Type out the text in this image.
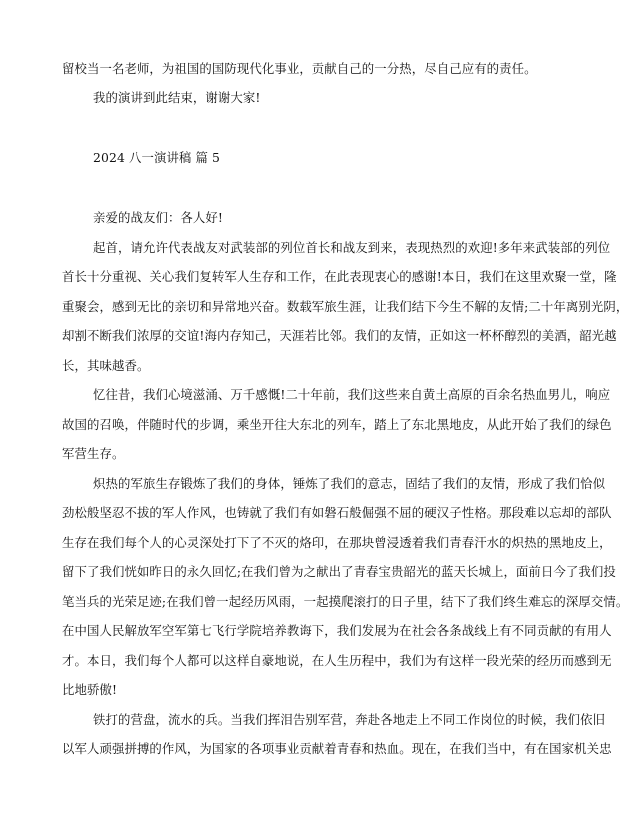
留校当一名老师，为祖国的国防现代化事业，贡献自己的一分热，尽自己应有的责任。
我的演讲到此结束，谢谢大家!
2024 八一演讲稿 篇 5
亲爱的战友们：各人好!
起首，请允许代表战友对武装部的列位首长和战友到来，表现热烈的欢迎!多年来武装部的列位
首长十分重视、关心我们复转军人生存和工作，在此表现衷心的感谢!本日，我们在这里欢聚一堂，隆
重聚会，感到无比的亲切和异常地兴奋。数载军旅生涯，让我们结下今生不解的友情;二十年离别光阴，
却割不断我们浓厚的交谊!海内存知己，天涯若比邻。我们的友情，正如这一杯杯醇烈的美酒，韶光越
长，其味越香。
忆往昔，我们心境滋涌、万千感慨!二十年前，我们这些来自黄土高原的百余名热血男儿，响应
故国的召唤，伴随时代的步调，乘坐开往大东北的列车，踏上了东北黑地皮，从此开始了我们的绿色
军营生存。
炽热的军旅生存锻炼了我们的身体，锤炼了我们的意志，固结了我们的友情，形成了我们恰似
劲松般坚忍不拔的军人作风，也铸就了我们有如磐石般倔强不屈的硬汉子性格。那段难以忘却的部队
生存在我们每个人的心灵深处打下了不灭的烙印，在那块曾浸透着我们青春汗水的炽热的黑地皮上，
留下了我们恍如昨日的永久回忆;在我们曾为之献出了青春宝贵韶光的蓝天长城上，面前日今了我们投
笔当兵的光荣足迹;在我们曾一起经历风雨，一起摸爬滚打的日子里，结下了我们终生难忘的深厚交情。
在中国人民解放军空军第七飞行学院培养教诲下，我们发展为在社会各条战线上有不同贡献的有用人
才。本日，我们每个人都可以这样自豪地说，在人生历程中，我们为有这样一段光荣的经历而感到无
比地骄傲!
铁打的营盘，流水的兵。当我们挥泪告别军营，奔赴各地走上不同工作岗位的时候，我们依旧
以军人顽强拼搏的作风，为国家的各项事业贡献着青春和热血。现在，在我们当中，有在国家机关忠
